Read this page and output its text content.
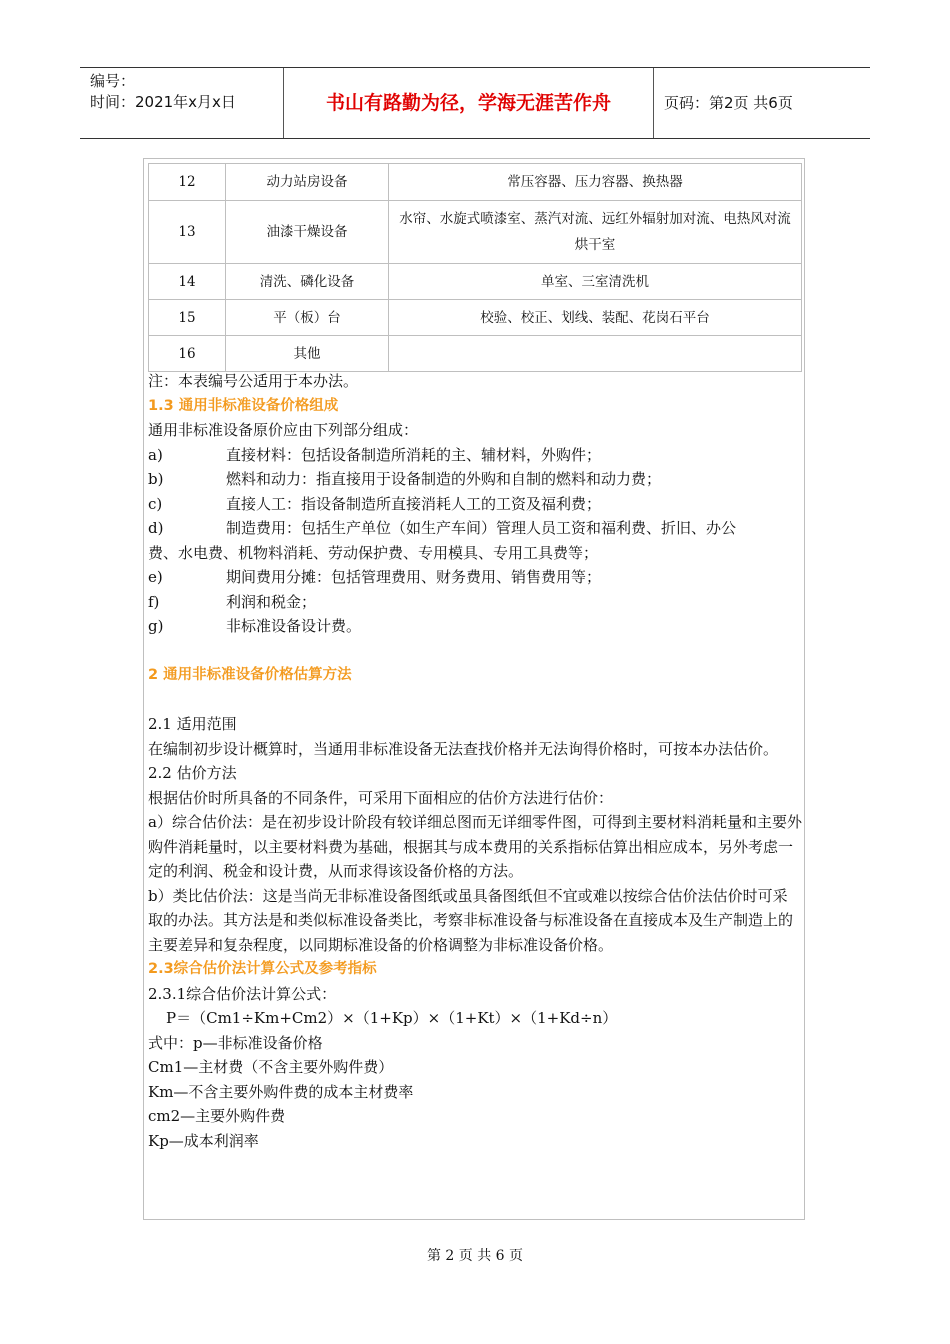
编号：
时间：2021年x月x日	书山有路勤为径，学海无涯苦作舟	页码：第2页 共6页
12	动力站房设备	常压容器、压力容器、换热器
13	油漆干燥设备	水帘、水旋式喷漆室、蒸汽对流、远红外辐射加对流、电热风对流烘干室
14	清洗、磷化设备	单室、三室清洗机
15	平（板）台	校验、校正、划线、装配、花岗石平台
16	其他	

注：本表编号公适用于本办法。

1.3 通用非标准设备价格组成

通用非标准设备原价应由下列部分组成：

a)	直接材料：包括设备制造所消耗的主、辅材料，外购件；
b)	燃料和动力：指直接用于设备制造的外购和自制的燃料和动力费；
c)	直接人工：指设备制造所直接消耗人工的工资及福利费；
d)	制造费用：包括生产单位（如生产车间）管理人员工资和福利费、折旧、办公

费、水电费、机物料消耗、劳动保护费、专用模具、专用工具费等；

e)	期间费用分摊：包括管理费用、财务费用、销售费用等；
f)	利润和税金；
g)	非标准设备设计费。

2 通用非标准设备价格估算方法

2.1 适用范围

在编制初步设计概算时，当通用非标准设备无法查找价格并无法询得价格时，可按本办法估价。

2.2 估价方法

根据估价时所具备的不同条件，可采用下面相应的估价方法进行估价：

a）综合估价法：是在初步设计阶段有较详细总图而无详细零件图，可得到主要材料消耗量和主要外购件消耗量时，以主要材料费为基础，根据其与成本费用的关系指标估算出相应成本，另外考虑一定的利润、税金和设计费，从而求得该设备价格的方法。

b）类比估价法：这是当尚无非标准设备图纸或虽具备图纸但不宜或难以按综合估价法估价时可采取的办法。其方法是和类似标准设备类比，考察非标准设备与标准设备在直接成本及生产制造上的主要差异和复杂程度，以同期标准设备的价格调整为非标准设备价格。

2.3综合估价法计算公式及参考指标

2.3.1综合估价法计算公式：

P＝（Cm1÷Km+Cm2）×（1+Kp）×（1+Kt）×（1+Kd÷n）

式中：p—非标准设备价格

Cm1—主材费（不含主要外购件费）

Km—不含主要外购件费的成本主材费率

cm2—主要外购件费

Kp—成本利润率

第 2 页 共 6 页
